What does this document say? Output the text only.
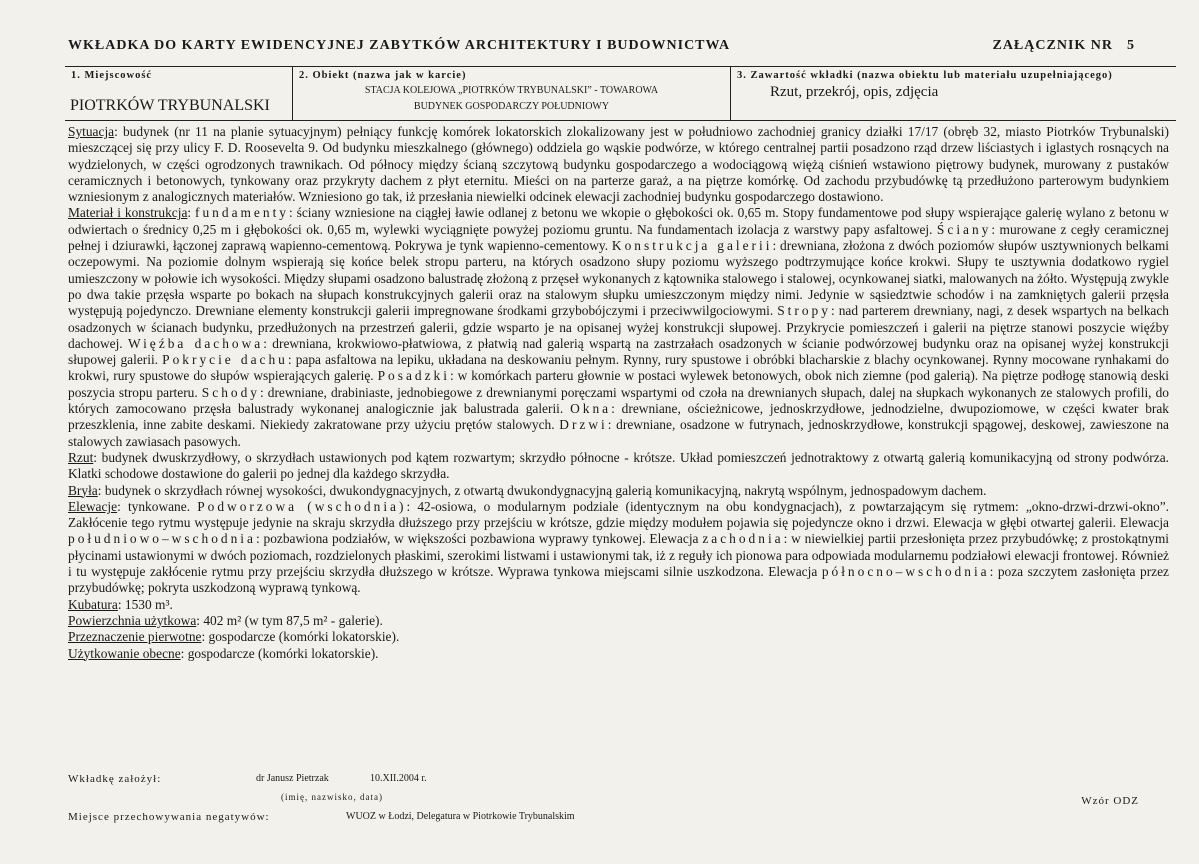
WKŁADKA DO KARTY EWIDENCYJNEJ ZABYTKÓW ARCHITEKTURY I BUDOWNICTWA	ZAŁĄCZNIK NR 5
1. Miejscowość
PIOTRKÓW TRYBUNALSKI
2. Obiekt (nazwa jak w karcie)
STACJA KOLEJOWA „PIOTRKÓW TRYBUNALSKI” - TOWAROWA
BUDYNEK GOSPODARCZY POŁUDNIOWY
3. Zawartość wkładki (nazwa obiektu lub materiału uzupełniającego)
Rzut, przekrój, opis, zdjęcia

Sytuacja: budynek (nr 11 na planie sytuacyjnym) pełniący funkcję komórek lokatorskich zlokalizowany jest w południowo zachodniej granicy działki 17/17 (obręb 32, miasto Piotrków Trybunalski) mieszczącej się przy ulicy F. D. Roosevelta 9. Od budynku mieszkalnego (głównego) oddziela go wąskie podwórze, w którego centralnej partii posadzono rząd drzew liściastych i iglastych rosnących na wydzielonych, w części ogrodzonych trawnikach. Od północy między ścianą szczytową budynku gospodarczego a wodociągową więżą ciśnień wstawiono piętrowy budynek, murowany z pustaków ceramicznych i betonowych, tynkowany oraz przykryty dachem z płyt eternitu. Mieści on na parterze garaż, a na piętrze komórkę. Od zachodu przybudówkę tą przedłużono parterowym budynkiem wzniesionym z analogicznych materiałów. Wzniesiono go tak, iż przesłania niewielki odcinek elewacji zachodniej budynku gospodarczego dostawiono.

Materiał i konstrukcja: fundamenty: ściany wzniesione na ciągłej ławie odlanej z betonu we wkopie o głębokości ok. 0,65 m. Stopy fundamentowe pod słupy wspierające galerię wylano z betonu w odwiertach o średnicy 0,25 m i głębokości ok. 0,65 m, wylewki wyciągnięte powyżej poziomu gruntu. Na fundamentach izolacja z warstwy papy asfaltowej. Ściany: murowane z cegły ceramicznej pełnej i dziurawki, łączonej zaprawą wapienno-cementową. Pokrywa je tynk wapienno-cementowy. Konstrukcja galerii: drewniana, złożona z dwóch poziomów słupów usztywnionych belkami oczepowymi. Na poziomie dolnym wspierają się końce belek stropu parteru, na których osadzono słupy poziomu wyższego podtrzymujące końce krokwi. Słupy te usztywnia dodatkowo rygiel umieszczony w połowie ich wysokości. Między słupami osadzono balustradę złożoną z przęseł wykonanych z kątownika stalowego i stalowej, ocynkowanej siatki, malowanych na żółto. Występują zwykle po dwa takie przęsła wsparte po bokach na słupach konstrukcyjnych galerii oraz na stalowym słupku umieszczonym między nimi. Jedynie w sąsiedztwie schodów i na zamkniętych galerii przęsła występują pojedynczo. Drewniane elementy konstrukcji galerii impregnowane środkami grzybobójczymi i przeciwwilgociowymi. Stropy: nad parterem drewniany, nagi, z desek wspartych na belkach osadzonych w ścianach budynku, przedłużonych na przestrzeń galerii, gdzie wsparto je na opisanej wyżej konstrukcji słupowej. Przykrycie pomieszczeń i galerii na piętrze stanowi poszycie więźby dachowej. Więźba dachowa: drewniana, krokwiowo-płatwiowa, z płatwią nad galerią wspartą na zastrzałach osadzonych w ścianie podwórzowej budynku oraz na opisanej wyżej konstrukcji słupowej galerii. Pokrycie dachu: papa asfaltowa na lepiku, układana na deskowaniu pełnym. Rynny, rury spustowe i obróbki blacharskie z blachy ocynkowanej. Rynny mocowane rynhakami do krokwi, rury spustowe do słupów wspierających galerię. Posadzki: w komórkach parteru głownie w postaci wylewek betonowych, obok nich ziemne (pod galerią). Na piętrze podłogę stanowią deski poszycia stropu parteru. Schody: drewniane, drabiniaste, jednobiegowe z drewnianymi poręczami wspartymi od czoła na drewnianych słupach, dalej na słupkach wykonanych ze stalowych profili, do których zamocowano przęsła balustrady wykonanej analogicznie jak balustrada galerii. Okna: drewniane, ościeżnicowe, jednoskrzydłowe, jednodzielne, dwupoziomowe, w części kwater brak przeszklenia, inne zabite deskami. Niekiedy zakratowane przy użyciu prętów stalowych. Drzwi: drewniane, osadzone w futrynach, jednoskrzydłowe, konstrukcji spągowej, deskowej, zawieszone na stalowych zawiasach pasowych.

Rzut: budynek dwuskrzydłowy, o skrzydłach ustawionych pod kątem rozwartym; skrzydło północne - krótsze. Układ pomieszczeń jednotraktowy z otwartą galerią komunikacyjną od strony podwórza. Klatki schodowe dostawione do galerii po jednej dla każdego skrzydła.

Bryła: budynek o skrzydłach równej wysokości, dwukondygnacyjnych, z otwartą dwukondygnacyjną galerią komunikacyjną, nakrytą wspólnym, jednospadowym dachem.

Elewacje: tynkowane. Podworzowa (wschodnia): 42-osiowa, o modularnym podziale (identycznym na obu kondygnacjach), z powtarzającym się rytmem: „okno-drzwi-drzwi-okno”. Zakłócenie tego rytmu występuje jedynie na skraju skrzydła dłuższego przy przejściu w krótsze, gdzie między modułem pojawia się pojedyncze okno i drzwi. Elewacja w głębi otwartej galerii. Elewacja południowo–wschodnia: pozbawiona podziałów, w większości pozbawiona wyprawy tynkowej. Elewacja zachodnia: w niewielkiej partii przesłonięta przez przybudówkę; z prostokątnymi płycinami ustawionymi w dwóch poziomach, rozdzielonych płaskimi, szerokimi listwami i ustawionymi tak, iż z reguły ich pionowa para odpowiada modularnemu podziałowi elewacji frontowej. Również i tu występuje zakłócenie rytmu przy przejściu skrzydła dłuższego w krótsze. Wyprawa tynkowa miejscami silnie uszkodzona. Elewacja północno–wschodnia: poza szczytem zasłonięta przez przybudówkę; pokryta uszkodzoną wyprawą tynkową.

Kubatura: 1530 m³.

Powierzchnia użytkowa: 402 m² (w tym 87,5 m² - galerie).

Przeznaczenie pierwotne: gospodarcze (komórki lokatorskie).

Użytkowanie obecne: gospodarcze (komórki lokatorskie).

Wkładkę założył:	dr Janusz Pietrzak	10.XII.2004 r.
(imię, nazwisko, data)
Miejsce przechowywania negatywów:	WUOZ w Łodzi, Delegatura w Piotrkowie Trybunalskim
Wzór ODZ
